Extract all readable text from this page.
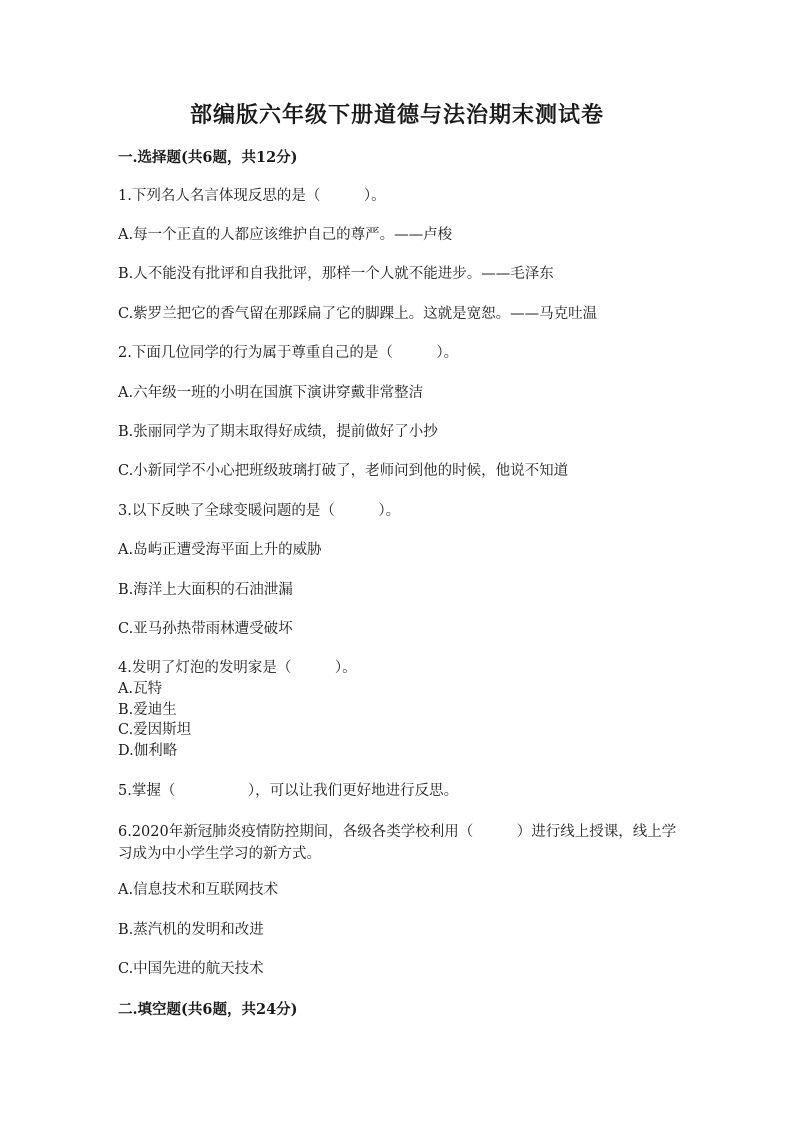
部编版六年级下册道德与法治期末测试卷

一.选择题(共6题，共12分)

1.下列名人名言体现反思的是（　　　）。

A.每一个正直的人都应该维护自己的尊严。——卢梭

B.人不能没有批评和自我批评，那样一个人就不能进步。——毛泽东

C.紫罗兰把它的香气留在那踩扁了它的脚踝上。这就是宽恕。——马克吐温

2.下面几位同学的行为属于尊重自己的是（　　　）。

A.六年级一班的小明在国旗下演讲穿戴非常整洁

B.张丽同学为了期末取得好成绩，提前做好了小抄

C.小新同学不小心把班级玻璃打破了，老师问到他的时候，他说不知道

3.以下反映了全球变暖问题的是（　　　）。

A.岛屿正遭受海平面上升的威胁

B.海洋上大面积的石油泄漏

C.亚马孙热带雨林遭受破坏

4.发明了灯泡的发明家是（　　　）。

A.瓦特

B.爱迪生

C.爱因斯坦

D.伽利略

5.掌握（　　　　　），可以让我们更好地进行反思。

6.2020年新冠肺炎疫情防控期间，各级各类学校利用（　　　）进行线上授课，线上学习成为中小学生学习的新方式。

A.信息技术和互联网技术

B.蒸汽机的发明和改进

C.中国先进的航天技术

二.填空题(共6题，共24分)
